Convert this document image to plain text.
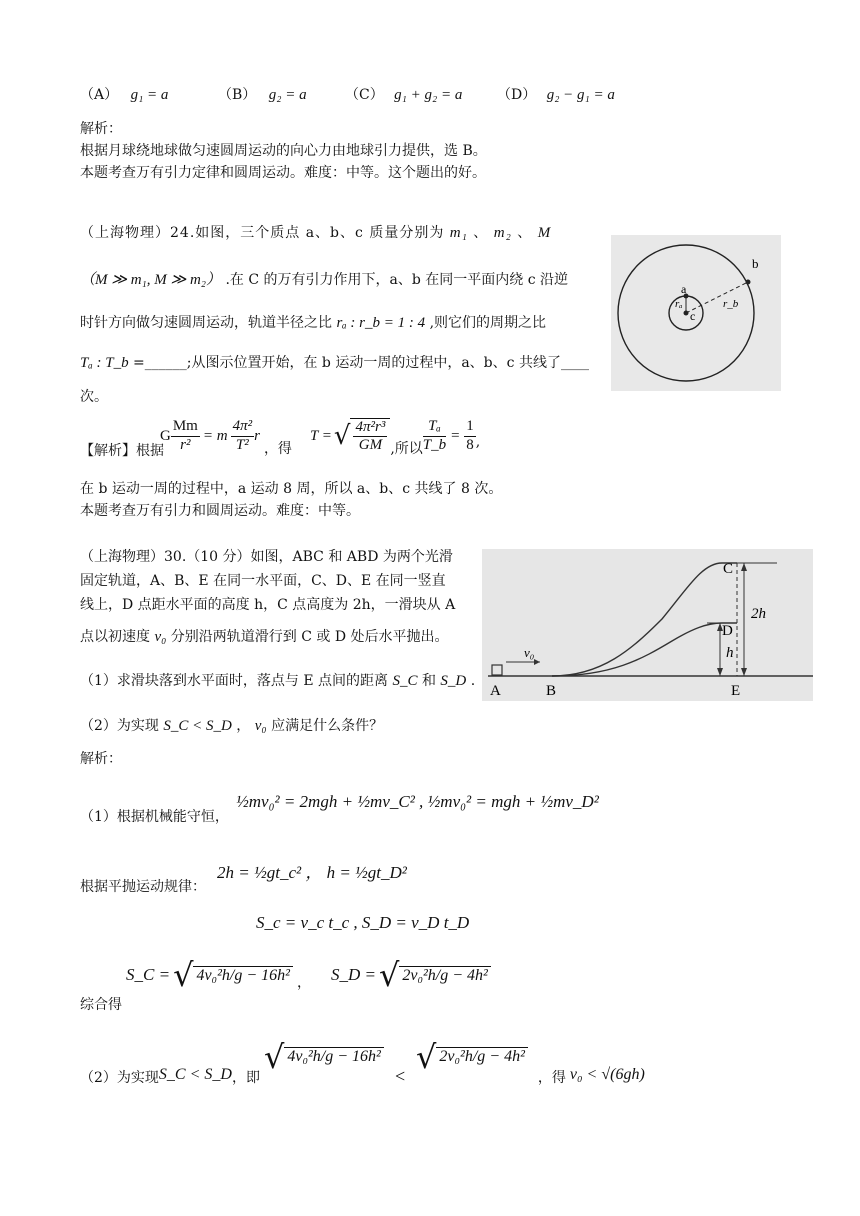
（A） g₁ = a	（B） g₂ = a	（C） g₁ + g₂ = a （D） g₂ − g₁ = a
解析：
根据月球绕地球做匀速圆周运动的向心力由地球引力提供，选 B。
本题考查万有引力定律和圆周运动。难度：中等。这个题出的好。
（上海物理）24.如图，三个质点 a、b、c 质量分别为 m₁ 、 m₂ 、 M
（M ≫ m₁, M ≫ m₂） .在 C 的万有引力作用下，a、b 在同一平面内绕 c 沿逆
时针方向做匀速圆周运动，轨道半径之比 rₐ : r_b = 1 : 4 ,则它们的周期之比
Tₐ : T_b =______;从图示位置开始，在 b 运动一周的过程中，a、b、c 共线了____
次。
【解析】根据
G $\frac{Mm}{\text{r²}} = m \frac{\text{4π²}}{\text{T²}}$ r
，得
T = √ $\frac{\text{4π²r³}}{GM}$ ,所以 $\frac{\text{Tₐ}}{T\_b} = \frac{1}{8}$ ,
在 b 运动一周的过程中，a 运动 8 周，所以 a、b、c 共线了 8 次。
本题考查万有引力和圆周运动。难度：中等。
a
b
c
rₐ	r_b
（上海物理）30.（10 分）如图，ABC 和 ABD 为两个光滑
固定轨道，A、B、E 在同一水平面，C、D、E 在同一竖直
线上，D 点距水平面的高度 h，C 点高度为 2h，一滑块从 A
点以初速度 v₀ 分别沿两轨道滑行到 C 或 D 处后水平抛出。
（1）求滑块落到水平面时，落点与 E 点间的距离 S_C 和 S_D .
（2）为实现 S_C < S_D ， v₀ 应满足什么条件？
解析：
（1）根据机械能守恒，
½mv₀² = 2mgh + ½mv_C² , ½mv₀² = mgh + ½mv_D²
根据平抛运动规律：
2h = ½gt_c² ， h = ½gt_D²
S_c = v_c t_c , S_D = v_D t_D
综合得
S_C = √ 4v₀²h/g − 16h² ， S_D = √ 2v₀²h/g − 4h²
（2）为实现 S_C < S_D ，即
√ 4v₀²h/g − 16h²
<
√ 2v₀²h/g − 4h²
，得 v₀ < √(6gh)
C
D
A	B	E
2h
h
v₀
